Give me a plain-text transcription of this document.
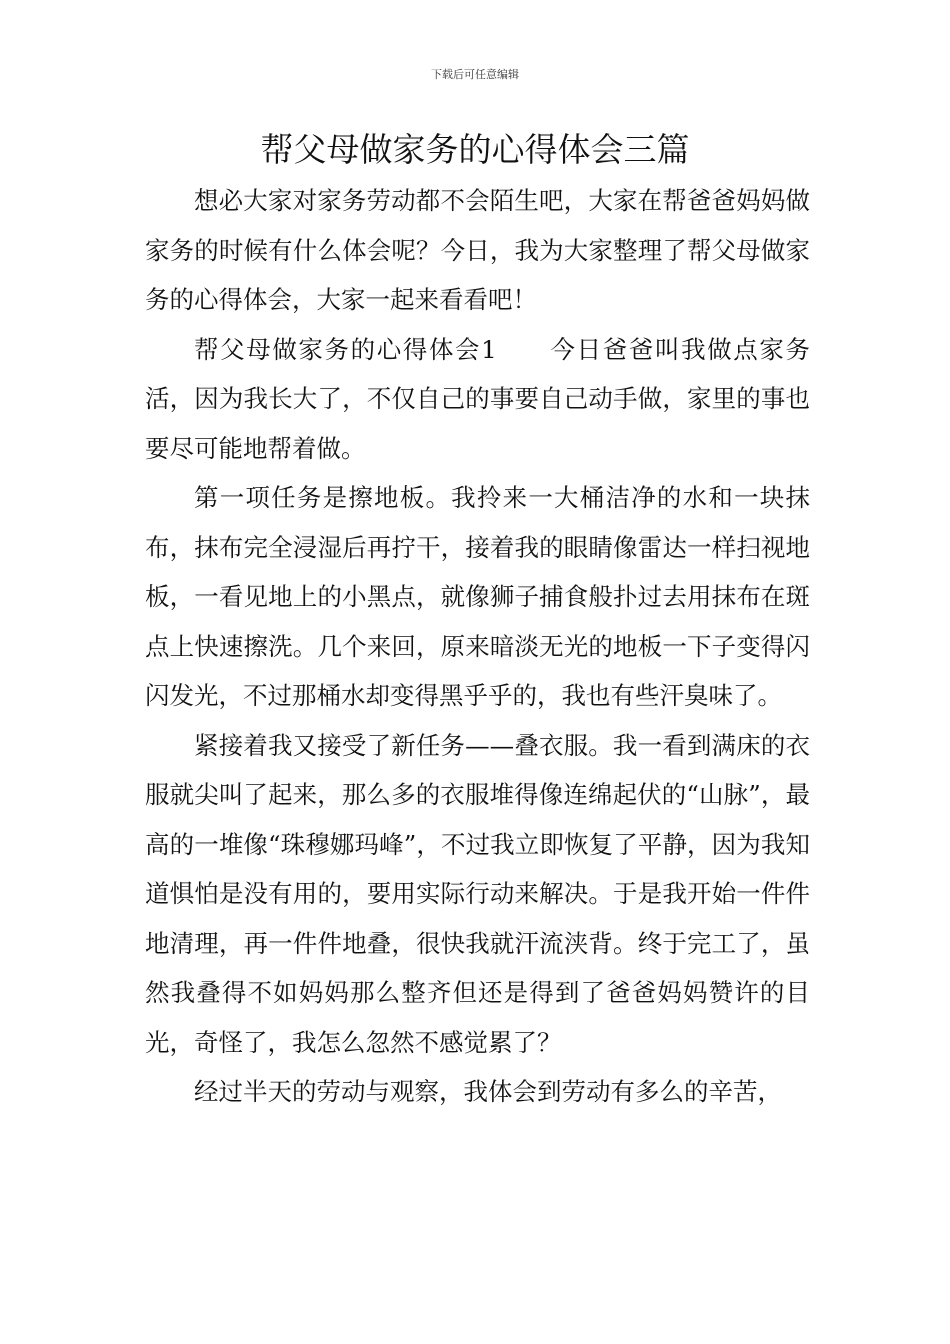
下载后可任意编辑
帮父母做家务的心得体会三篇

想必大家对家务劳动都不会陌生吧，大家在帮爸爸妈妈做家务的时候有什么体会呢？今日，我为大家整理了帮父母做家务的心得体会，大家一起来看看吧！

帮父母做家务的心得体会1　　今日爸爸叫我做点家务活，因为我长大了，不仅自己的事要自己动手做，家里的事也要尽可能地帮着做。

第一项任务是擦地板。我拎来一大桶洁净的水和一块抹布，抹布完全浸湿后再拧干，接着我的眼睛像雷达一样扫视地板，一看见地上的小黑点，就像狮子捕食般扑过去用抹布在斑点上快速擦洗。几个来回，原来暗淡无光的地板一下子变得闪闪发光，不过那桶水却变得黑乎乎的，我也有些汗臭味了。

紧接着我又接受了新任务——叠衣服。我一看到满床的衣服就尖叫了起来，那么多的衣服堆得像连绵起伏的“山脉”，最高的一堆像“珠穆娜玛峰”，不过我立即恢复了平静，因为我知道惧怕是没有用的，要用实际行动来解决。于是我开始一件件地清理，再一件件地叠，很快我就汗流浃背。终于完工了，虽然我叠得不如妈妈那么整齐但还是得到了爸爸妈妈赞许的目光，奇怪了，我怎么忽然不感觉累了？

经过半天的劳动与观察，我体会到劳动有多么的辛苦，
